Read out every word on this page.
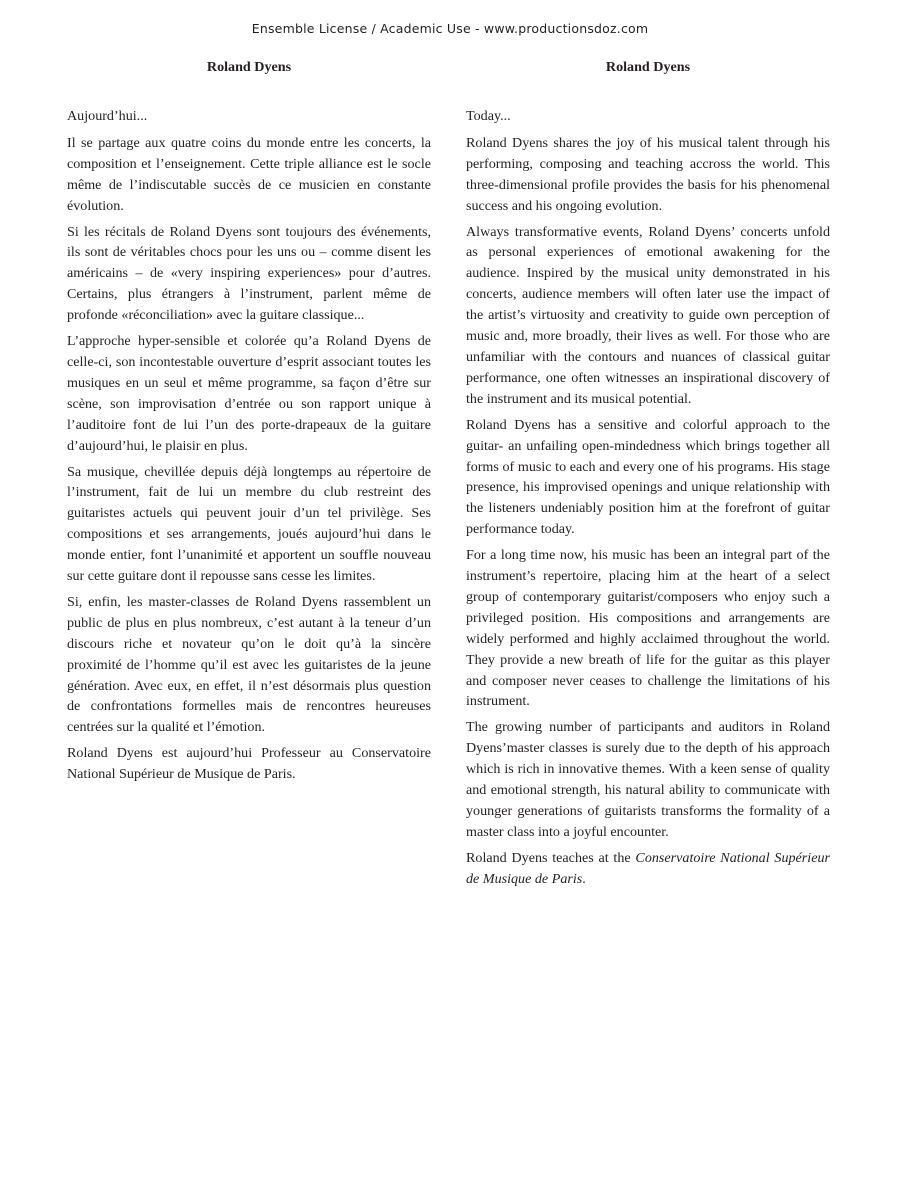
Ensemble License / Academic Use - www.productionsdoz.com
Roland Dyens

Aujourd’hui...

Il se partage aux quatre coins du monde entre les concerts, la composition et l’enseignement. Cette triple alliance est le socle même de l’indiscutable succès de ce musicien en constante évolution.

Si les récitals de Roland Dyens sont toujours des événements, ils sont de véritables chocs pour les uns ou – comme disent les américains – de «very inspiring experiences» pour d’autres. Certains, plus étrangers à l’instrument, parlent même de profonde «réconciliation» avec la guitare classique...

L’approche hyper-sensible et colorée qu’a Roland Dyens de celle-ci, son incontestable ouverture d’esprit associant toutes les musiques en un seul et même programme, sa façon d’être sur scène, son improvisation d’entrée ou son rapport unique à l’auditoire font de lui l’un des porte-drapeaux de la guitare d’aujourd’hui, le plaisir en plus.

Sa musique, chevillée depuis déjà longtemps au répertoire de l’instrument, fait de lui un membre du club restreint des guitaristes actuels qui peuvent jouir d’un tel privilège. Ses compositions et ses arrangements, joués aujourd’hui dans le monde entier, font l’unanimité et apportent un souffle nouveau sur cette guitare dont il repousse sans cesse les limites.

Si, enfin, les master-classes de Roland Dyens rassemblent un public de plus en plus nombreux, c’est autant à la teneur d’un discours riche et novateur qu’on le doit qu’à la sincère proximité de l’homme qu’il est avec les guitaristes de la jeune génération. Avec eux, en effet, il n’est désormais plus question de confrontations formelles mais de rencontres heureuses centrées sur la qualité et l’émotion.

Roland Dyens est aujourd’hui Professeur au Conservatoire National Supérieur de Musique de Paris.

Roland Dyens

Today...

Roland Dyens shares the joy of his musical talent through his performing, composing and teaching accross the world. This three-dimensional profile provides the basis for his phenomenal success and his ongoing evolution.

Always transformative events, Roland Dyens’ concerts unfold as personal experiences of emotional awakening for the audience. Inspired by the musical unity demonstrated in his concerts, audience members will often later use the impact of the artist’s virtuosity and creativity to guide own perception of music and, more broadly, their lives as well. For those who are unfamiliar with the contours and nuances of classical guitar performance, one often witnesses an inspirational discovery of the instrument and its musical potential.

Roland Dyens has a sensitive and colorful approach to the guitar- an unfailing open-mindedness which brings together all forms of music to each and every one of his programs. His stage presence, his improvised openings and unique relationship with the listeners undeniably position him at the forefront of guitar performance today.

For a long time now, his music has been an integral part of the instrument’s repertoire, placing him at the heart of a select group of contemporary guitarist/composers who enjoy such a privileged position. His compositions and arrangements are widely performed and highly acclaimed throughout the world. They provide a new breath of life for the guitar as this player and composer never ceases to challenge the limitations of his instrument.

The growing number of participants and auditors in Roland Dyens’master classes is surely due to the depth of his approach which is rich in innovative themes. With a keen sense of quality and emotional strength, his natural ability to communicate with younger generations of guitarists transforms the formality of a master class into a joyful encounter.

Roland Dyens teaches at the Conservatoire National Supérieur de Musique de Paris.
